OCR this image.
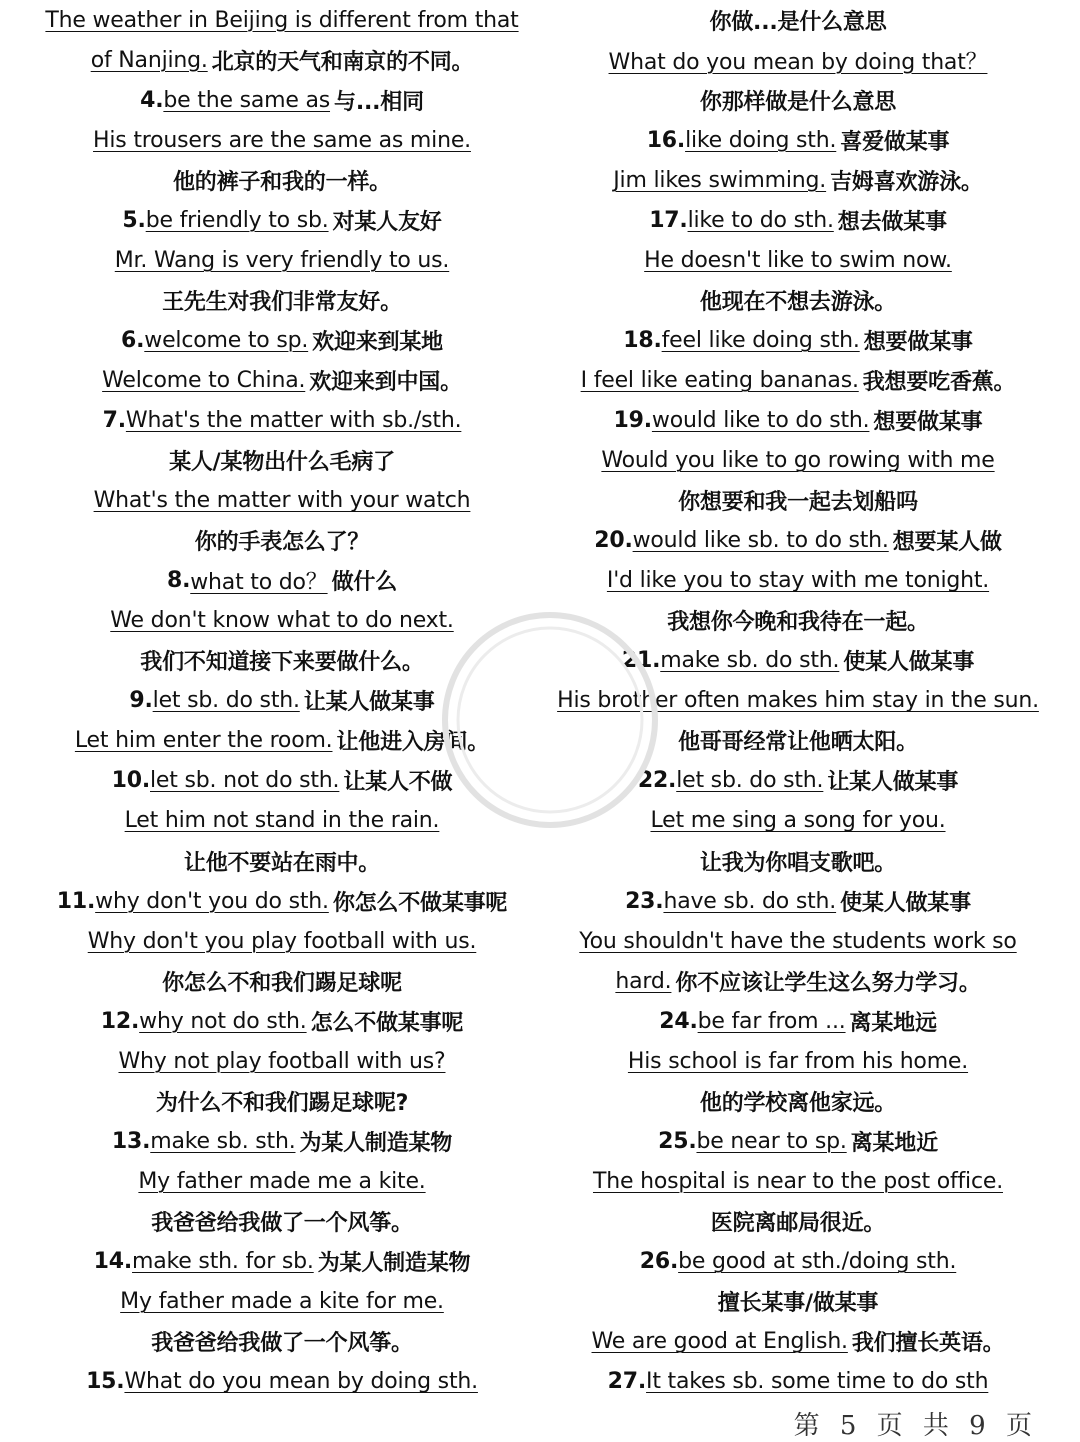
The weather in Beijing is different from that
of Nanjing. 北京的天气和南京的不同。
4. be the same as 与...相同
His trousers are the same as mine.
他的裤子和我的一样。
5. be friendly to sb. 对某人友好
Mr. Wang is very friendly to us.
王先生对我们非常友好。
6. welcome to sp. 欢迎来到某地
Welcome to China. 欢迎来到中国。
7. What's the matter with sb./sth.
某人/某物出什么毛病了
What's the matter with your watch
你的手表怎么了？
8. what to do？ 做什么
We don't know what to do next.
我们不知道接下来要做什么。
9. let sb. do sth. 让某人做某事
Let him enter the room. 让他进入房间。
10. let sb. not do sth. 让某人不做
Let him not stand in the rain.
让他不要站在雨中。
11. why don't you do sth. 你怎么不做某事呢
Why don't you play football with us.
你怎么不和我们踢足球呢
12. why not do sth. 怎么不做某事呢
Why not play football with us?
为什么不和我们踢足球呢?
13. make sb. sth. 为某人制造某物
My father made me a kite.
我爸爸给我做了一个风筝。
14. make sth. for sb. 为某人制造某物
My father made a kite for me.
我爸爸给我做了一个风筝。
15. What do you mean by doing sth.
你做...是什么意思
What do you mean by doing that？
你那样做是什么意思
16. like doing sth. 喜爱做某事
Jim likes swimming. 吉姆喜欢游泳。
17. like to do sth. 想去做某事
He doesn't like to swim now.
他现在不想去游泳。
18. feel like doing sth. 想要做某事
I feel like eating bananas. 我想要吃香蕉。
19. would like to do sth. 想要做某事
Would you like to go rowing with me
你想要和我一起去划船吗
20. would like sb. to do sth. 想要某人做
I'd like you to stay with me tonight.
我想你今晚和我待在一起。
21. make sb. do sth. 使某人做某事
His brother often makes him stay in the sun.
他哥哥经常让他晒太阳。
22. let sb. do sth. 让某人做某事
Let me sing a song for you.
让我为你唱支歌吧。
23. have sb. do sth. 使某人做某事
You shouldn't have the students work so
hard. 你不应该让学生这么努力学习。
24. be far from ... 离某地远
His school is far from his home.
他的学校离他家远。
25. be near to sp. 离某地近
The hospital is near to the post office.
医院离邮局很近。
26. be good at sth./doing sth.
擅长某事/做某事
We are good at English. 我们擅长英语。
27. It takes sb. some time to do sth
第 5 页 共 9 页
